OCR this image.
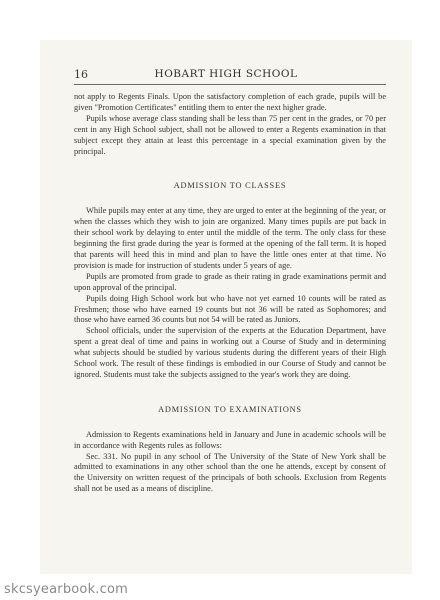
16	HOBART HIGH SCHOOL

not apply to Regents Finals. Upon the satisfactory completion of each grade, pupils will be given "Promotion Certificates" entitling them to enter the next higher grade.

Pupils whose average class standing shall be less than 75 per cent in the grades, or 70 per cent in any High School subject, shall not be allowed to enter a Regents examination in that subject except they attain at least this percentage in a special examination given by the principal.

ADMISSION TO CLASSES

While pupils may enter at any time, they are urged to enter at the beginning of the year, or when the classes which they wish to join are organized. Many times pupils are put back in their school work by delaying to enter until the middle of the term. The only class for these beginning the first grade during the year is formed at the opening of the fall term. It is hoped that parents will heed this in mind and plan to have the little ones enter at that time. No provision is made for instruction of students under 5 years of age.

Pupils are promoted from grade to grade as their rating in grade examinations permit and upon approval of the principal.

Pupils doing High School work but who have not yet earned 10 counts will be rated as Freshmen; those who have earned 19 counts but not 36 will be rated as Sophomores; and those who have earned 36 counts but not 54 will be rated as Juniors.

School officials, under the supervision of the experts at the Education Department, have spent a great deal of time and pains in working out a Course of Study and in determining what subjects should be studied by various students during the different years of their High School work. The result of these findings is embodied in our Course of Study and cannot be ignored. Students must take the subjects assigned to the year's work they are doing.

ADMISSION TO EXAMINATIONS

Admission to Regents examinations held in January and June in academic schools will be in accordance with Regents rules as follows:

Sec. 331. No pupil in any school of The University of the State of New York shall be admitted to examinations in any other school than the one he attends, except by consent of the University on written request of the principals of both schools. Exclusion from Regents shall not be used as a means of discipline.

skcsyearbook.com
